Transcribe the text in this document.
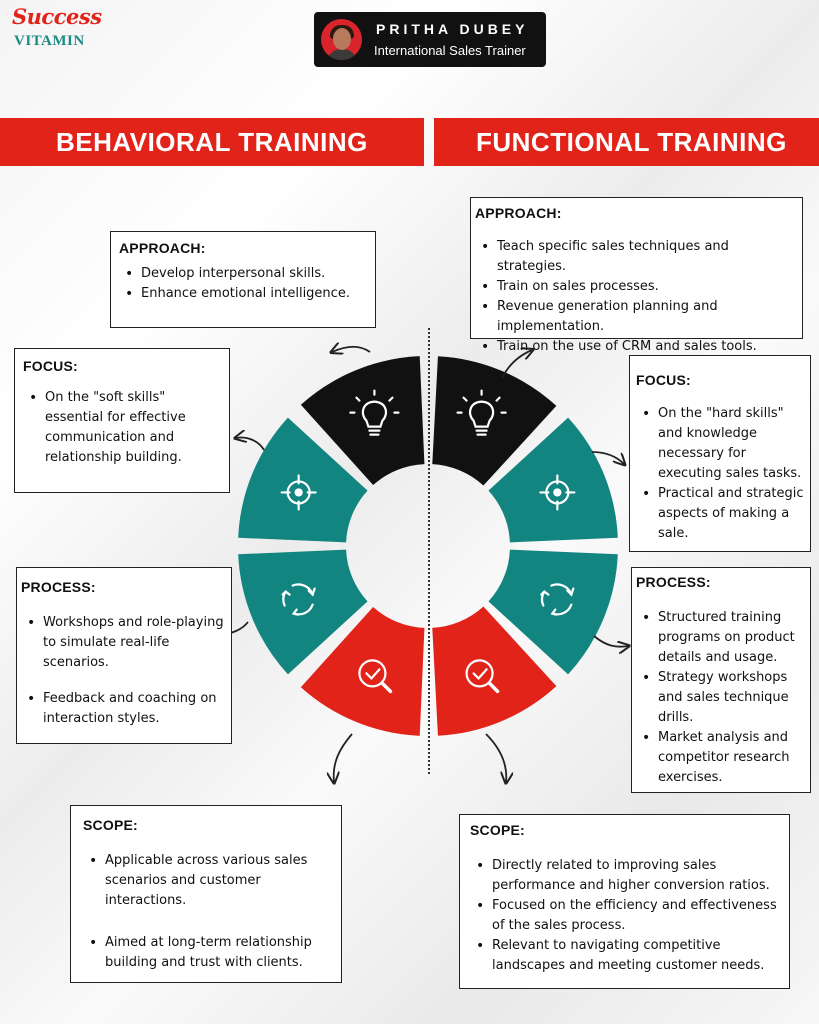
Success
VITAMIN
PRITHA DUBEY
International Sales Trainer
BEHAVIORAL TRAINING	FUNCTIONAL TRAINING
APPROACH:
• Develop interpersonal skills.
• Enhance emotional intelligence.
FOCUS:
• On the "soft skills" essential for effective communication and relationship building.
PROCESS:
• Workshops and role-playing to simulate real-life scenarios.
• Feedback and coaching on interaction styles.
SCOPE:
• Applicable across various sales scenarios and customer interactions.
• Aimed at long-term relationship building and trust with clients.
APPROACH:
• Teach specific sales techniques and strategies.
• Train on sales processes.
• Revenue generation planning and implementation.
• Train on the use of CRM and sales tools.
FOCUS:
• On the "hard skills" and knowledge necessary for executing sales tasks.
• Practical and strategic aspects of making a sale.
PROCESS:
• Structured training programs on product details and usage.
• Strategy workshops and sales technique drills.
• Market analysis and competitor research exercises.
SCOPE:
• Directly related to improving sales performance and higher conversion ratios.
• Focused on the efficiency and effectiveness of the sales process.
• Relevant to navigating competitive landscapes and meeting customer needs.
